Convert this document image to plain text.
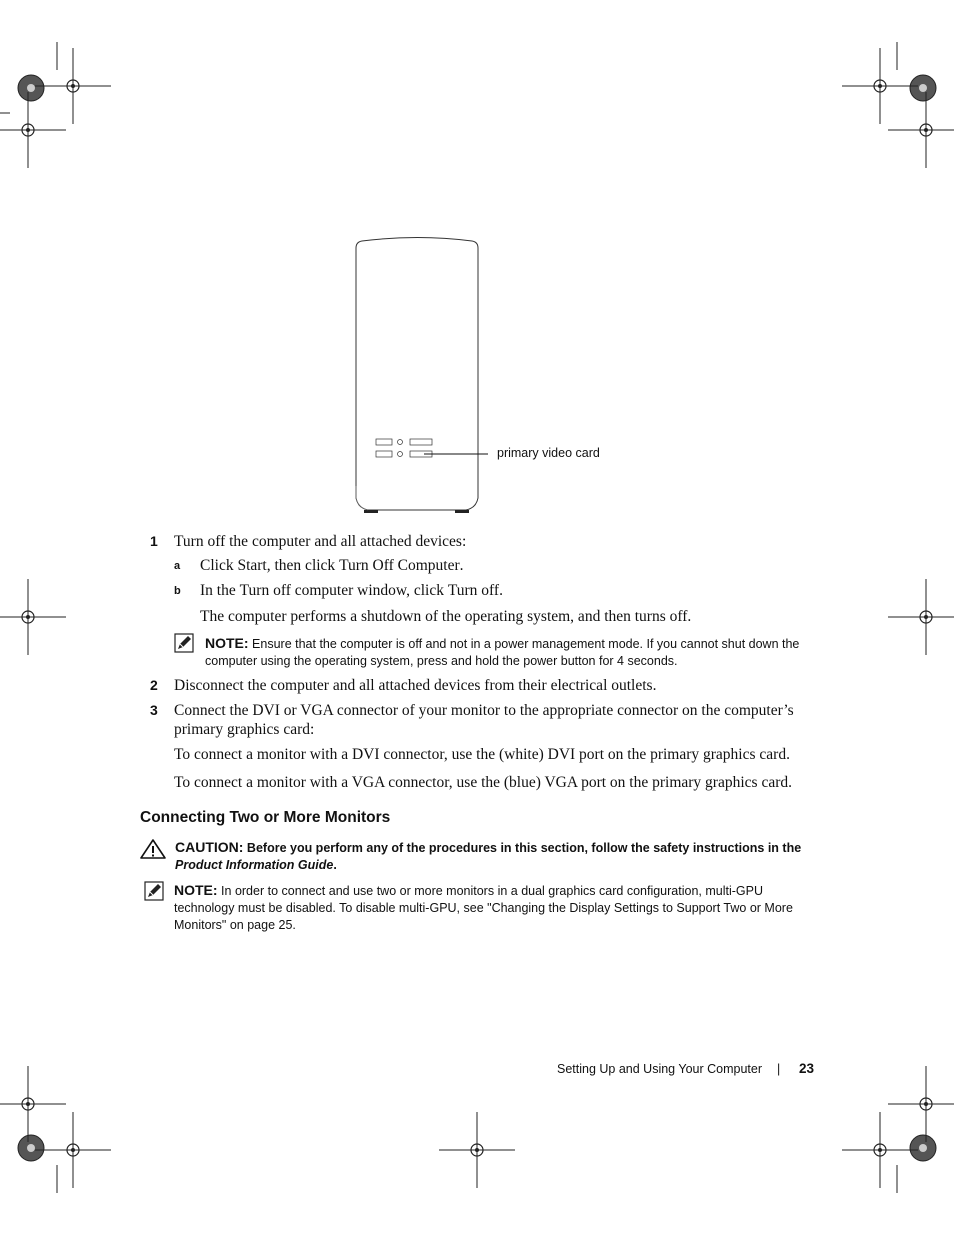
primary video card
1 Turn off the computer and all attached devices:
a Click Start, then click Turn Off Computer.
b In the Turn off computer window, click Turn off.
The computer performs a shutdown of the operating system, and then turns off.
NOTE: Ensure that the computer is off and not in a power management mode. If you cannot shut down the computer using the operating system, press and hold the power button for 4 seconds.
2 Disconnect the computer and all attached devices from their electrical outlets.
3 Connect the DVI or VGA connector of your monitor to the appropriate connector on the computer’s primary graphics card:
To connect a monitor with a DVI connector, use the (white) DVI port on the primary graphics card.
To connect a monitor with a VGA connector, use the (blue) VGA port on the primary graphics card.
Connecting Two or More Monitors
CAUTION: Before you perform any of the procedures in this section, follow the safety instructions in the Product Information Guide.
NOTE: In order to connect and use two or more monitors in a dual graphics card configuration, multi-GPU technology must be disabled. To disable multi-GPU, see "Changing the Display Settings to Support Two or More Monitors" on page 25.
Setting Up and Using Your Computer | 23
